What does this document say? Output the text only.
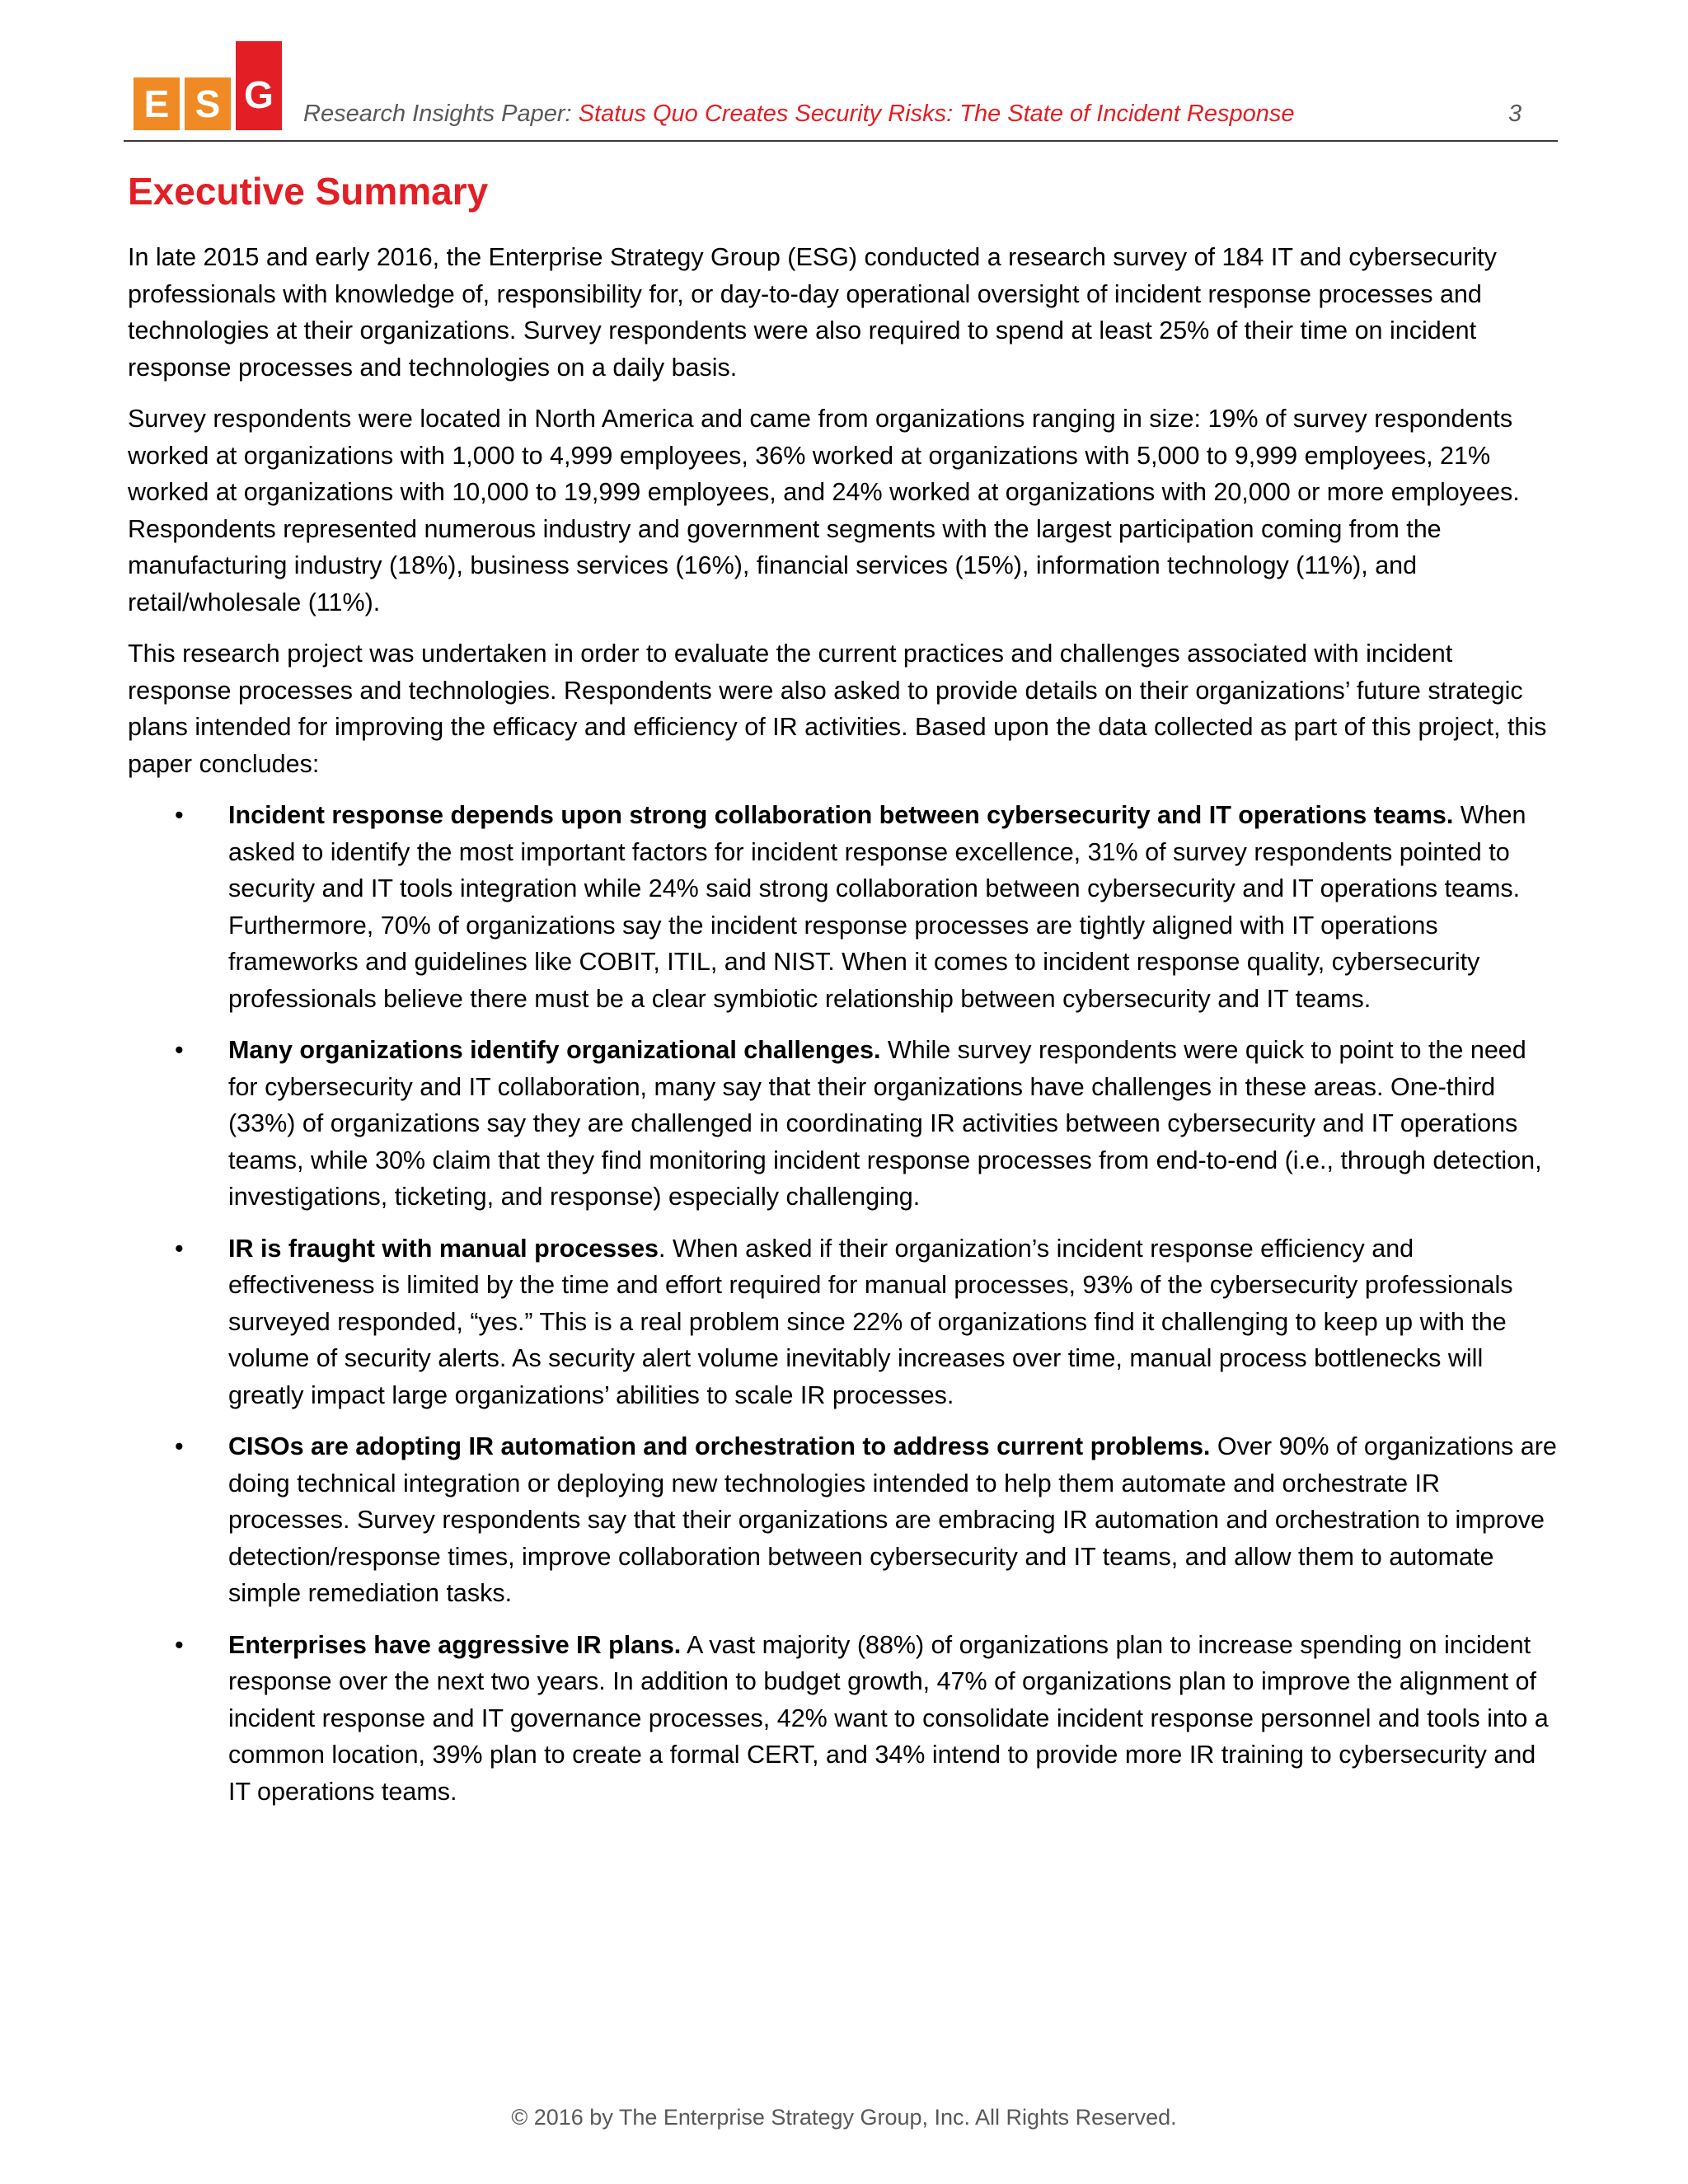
E S G	Research Insights Paper: Status Quo Creates Security Risks: The State of Incident Response	3
Executive Summary

In late 2015 and early 2016, the Enterprise Strategy Group (ESG) conducted a research survey of 184 IT and cybersecurity professionals with knowledge of, responsibility for, or day-to-day operational oversight of incident response processes and technologies at their organizations. Survey respondents were also required to spend at least 25% of their time on incident response processes and technologies on a daily basis.

Survey respondents were located in North America and came from organizations ranging in size: 19% of survey respondents worked at organizations with 1,000 to 4,999 employees, 36% worked at organizations with 5,000 to 9,999 employees, 21% worked at organizations with 10,000 to 19,999 employees, and 24% worked at organizations with 20,000 or more employees. Respondents represented numerous industry and government segments with the largest participation coming from the manufacturing industry (18%), business services (16%), financial services (15%), information technology (11%), and retail/wholesale (11%).

This research project was undertaken in order to evaluate the current practices and challenges associated with incident response processes and technologies. Respondents were also asked to provide details on their organizations’ future strategic plans intended for improving the efficacy and efficiency of IR activities. Based upon the data collected as part of this project, this paper concludes:

• Incident response depends upon strong collaboration between cybersecurity and IT operations teams. When asked to identify the most important factors for incident response excellence, 31% of survey respondents pointed to security and IT tools integration while 24% said strong collaboration between cybersecurity and IT operations teams. Furthermore, 70% of organizations say the incident response processes are tightly aligned with IT operations frameworks and guidelines like COBIT, ITIL, and NIST. When it comes to incident response quality, cybersecurity professionals believe there must be a clear symbiotic relationship between cybersecurity and IT teams.
• Many organizations identify organizational challenges. While survey respondents were quick to point to the need for cybersecurity and IT collaboration, many say that their organizations have challenges in these areas. One-third (33%) of organizations say they are challenged in coordinating IR activities between cybersecurity and IT operations teams, while 30% claim that they find monitoring incident response processes from end-to-end (i.e., through detection, investigations, ticketing, and response) especially challenging.
• IR is fraught with manual processes. When asked if their organization’s incident response efficiency and effectiveness is limited by the time and effort required for manual processes, 93% of the cybersecurity professionals surveyed responded, “yes.” This is a real problem since 22% of organizations find it challenging to keep up with the volume of security alerts. As security alert volume inevitably increases over time, manual process bottlenecks will greatly impact large organizations’ abilities to scale IR processes.
• CISOs are adopting IR automation and orchestration to address current problems. Over 90% of organizations are doing technical integration or deploying new technologies intended to help them automate and orchestrate IR processes. Survey respondents say that their organizations are embracing IR automation and orchestration to improve detection/response times, improve collaboration between cybersecurity and IT teams, and allow them to automate simple remediation tasks.
• Enterprises have aggressive IR plans. A vast majority (88%) of organizations plan to increase spending on incident response over the next two years. In addition to budget growth, 47% of organizations plan to improve the alignment of incident response and IT governance processes, 42% want to consolidate incident response personnel and tools into a common location, 39% plan to create a formal CERT, and 34% intend to provide more IR training to cybersecurity and IT operations teams.
© 2016 by The Enterprise Strategy Group, Inc. All Rights Reserved.
